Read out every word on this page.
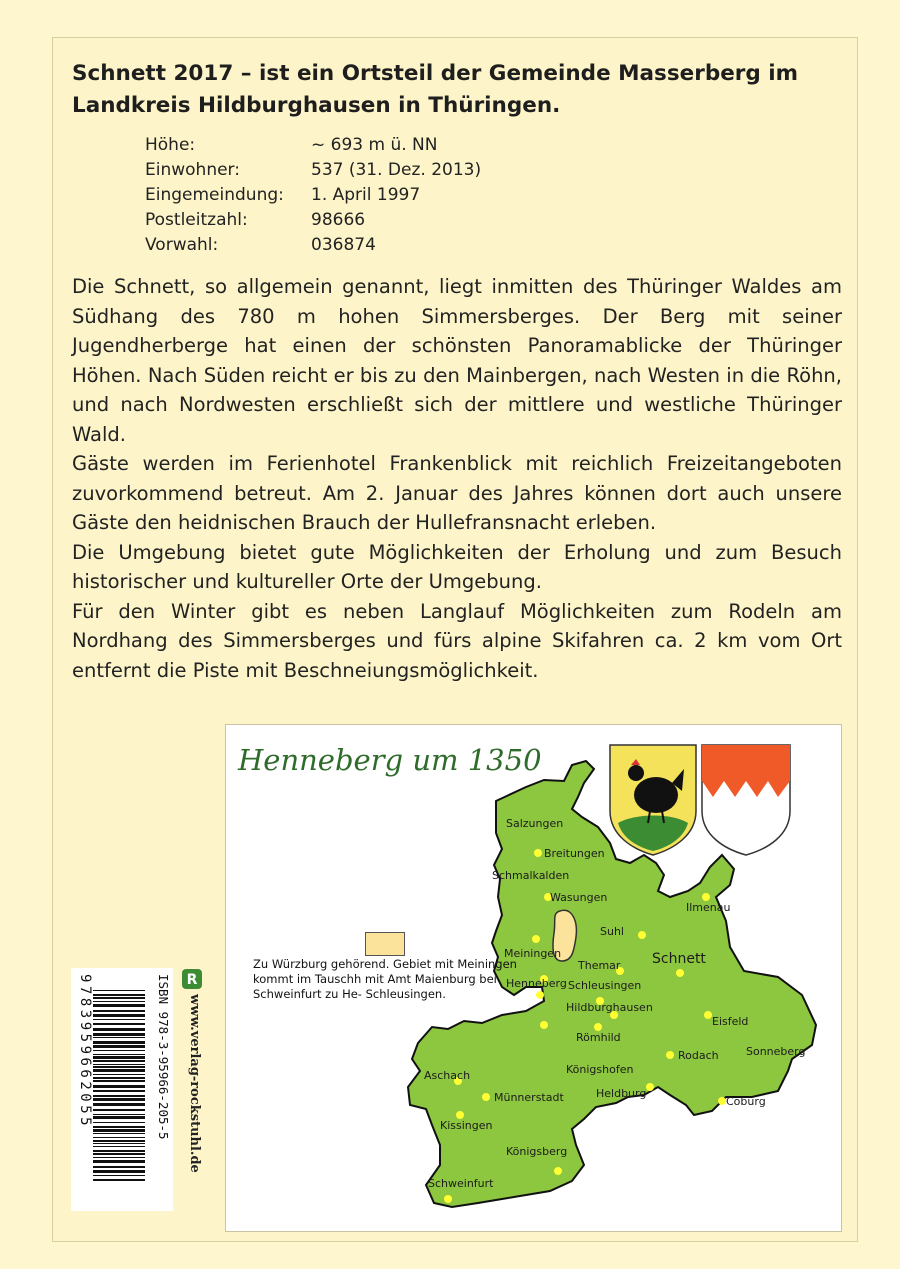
Schnett 2017 – ist ein Ortsteil der Gemeinde Masserberg im Landkreis Hildburghausen in Thüringen.
Höhe:	~ 693 m ü. NN
Einwohner:	537 (31. Dez. 2013)
Eingemeindung:	1. April 1997
Postleitzahl:	98666
Vorwahl:	036874

Die Schnett, so allgemein genannt, liegt inmitten des Thüringer Waldes am Südhang des 780 m hohen Simmersberges. Der Berg mit seiner Jugendherberge hat einen der schönsten Panoramablicke der Thüringer Höhen. Nach Süden reicht er bis zu den Mainbergen, nach Westen in die Röhn, und nach Nordwesten erschließt sich der mittlere und westliche Thüringer Wald.

Gäste werden im Ferienhotel Frankenblick mit reichlich Freizeitangeboten zuvorkommend betreut. Am 2. Januar des Jahres können dort auch unsere Gäste den heidnischen Brauch der Hullefransnacht erleben.

Die Umgebung bietet gute Möglichkeiten der Erholung und zum Besuch historischer und kultureller Orte der Umgebung.

Für den Winter gibt es neben Langlauf Möglichkeiten zum Rodeln am Nordhang des Simmersberges und fürs alpine Skifahren ca. 2 km vom Ort entfernt die Piste mit Beschneiungsmöglichkeit.

Henneberg um 1350
Zu Würzburg gehörend. Gebiet mit Meiningen kommt im Tauschh mit Amt Maienburg bei Schweinfurt zu He- Schleusingen.
Salzungen
Breitungen
Schmalkalden
Wasungen
Ilmenau
Suhl
Meiningen	Schnett
Themar
Henneberg Schleusingen
Hildburghausen
Eisfeld
Römhild
Sonneberg
Rodach
Königshofen
Aschach
Münnerstadt	Heldburg
Coburg
Kissingen
Königsberg
Schweinfurt
9783959662055	ISBN 978-3-95966-205-5 R
www.verlag-rockstuhl.de
